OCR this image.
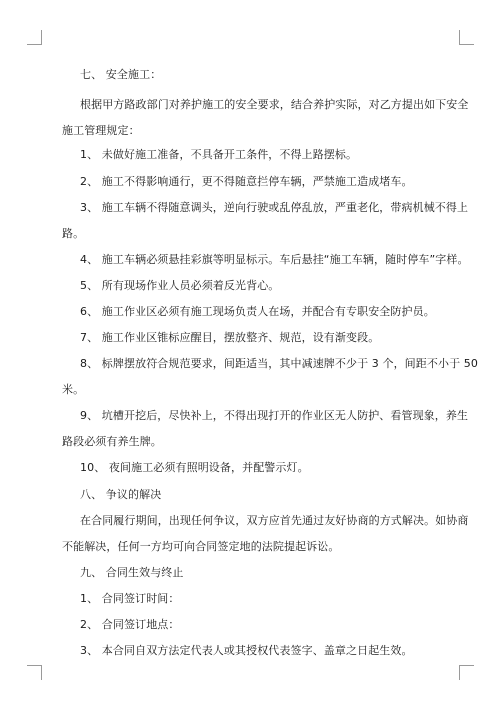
七、 安全施工：
根据甲方路政部门对养护施工的安全要求，结合养护实际，对乙方提出如下安全
施工管理规定：
1、 未做好施工准备，不具备开工条件，不得上路摆标。
2、 施工不得影响通行，更不得随意拦停车辆，严禁施工造成堵车。
3、 施工车辆不得随意调头，逆向行驶或乱停乱放，严重老化，带病机械不得上
路。
4、 施工车辆必须悬挂彩旗等明显标示。车后悬挂“施工车辆，随时停车”字样。
5、 所有现场作业人员必须着反光背心。
6、 施工作业区必须有施工现场负责人在场，并配合有专职安全防护员。
7、 施工作业区锥标应醒目，摆放整齐、规范，设有渐变段。
8、 标牌摆放符合规范要求，间距适当，其中减速牌不少于 3 个，间距不小于 50
米。
9、 坑槽开挖后，尽快补上，不得出现打开的作业区无人防护、看管现象，养生
路段必须有养生牌。
10、 夜间施工必须有照明设备，并配警示灯。
八、 争议的解决
在合同履行期间，出现任何争议，双方应首先通过友好协商的方式解决。如协商
不能解决，任何一方均可向合同签定地的法院提起诉讼。
九、 合同生效与终止
1、 合同签订时间：
2、 合同签订地点：
3、 本合同自双方法定代表人或其授权代表签字、盖章之日起生效。
